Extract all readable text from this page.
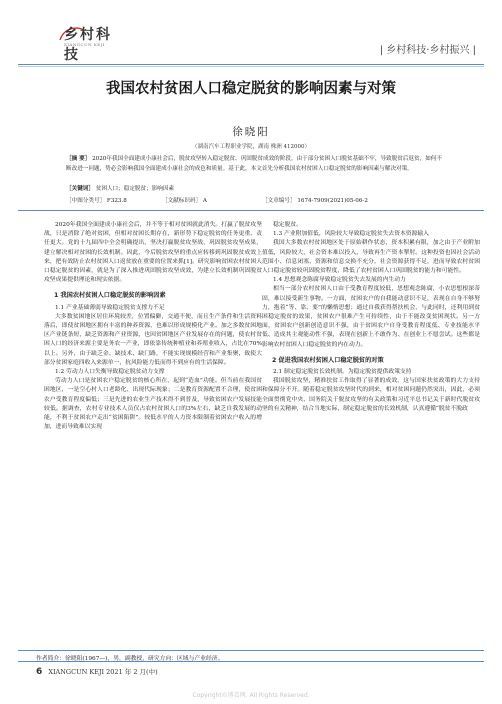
乡村科技
XIANGCUN KEJI
| 乡村科技·乡村振兴 |
我国农村贫困人口稳定脱贫的影响因素与对策
徐晓阳
（湖南汽车工程职业学院，湖南 株洲 412000）
［摘 要］ 2020年我国全面建成小康社会后，脱贫攻坚转入稳定脱贫、巩固脱贫成效的阶段。由于部分贫困人口脱贫基础不牢，导致脱贫后返贫，如何不断改进一问题，势必会影响我国全面建成小康社会的成色和质量。基于此，本文首先分析我国农村贫困人口稳定脱贫的影响因素与解决对策。
［关键词］ 贫困人口；稳定脱贫；影响因素
［中图分类号］ F323.8	［文献标识码］ A	［文章编号］ 1674-7909(2021)05-06-2

2020年我国全面建成小康社会后，并不等于相对贫困就此消失。打赢了脱贫攻坚战，只是消除了绝对贫困，但相对贫困长期存在，新形势下稳定脱贫的任务更重、责任更大。党的十九届四中全会明确提出，坚决打赢脱贫攻坚战，巩固脱贫攻坚成果，建立解决相对贫困的长效机制。因此，今后脱贫攻坚的重点应转移到巩固脱贫成效上来，把有效防止农村贫困人口返贫放在重要的位置来抓[1]。研究影响贫困农村贫困人口稳定脱贫的因素，就是为了深入推进巩固脱贫攻坚成效，为建立长效机制巩固脱贫攻坚成果提供理论和现实依据。

1 我国农村贫困人口稳定脱贫的影响因素

1.1 产业基础薄弱导致稳定脱贫支撑力不足

大多数贫困地区居住环境较差，位置偏僻，交通不便，而且生产条件和生活资料落后，即使贫困地区拥有丰富的种养资源，也难以形成规模化产业。加之多数贫困地区产业链条短，缺乏资源和产业资源，也因贫困地区产业发展存在的问题，使农村贫困人口的经济来源主要是务农一产业，即依靠传统种植业和养殖业收入，占比在70%以上。另外，由于缺乏金、缺技术、缺门路，不能实现规模经营和产业集聚，致使大部分贫困家庭四收入来源单一，抗风险能力低而得不到应有的生活保障。

1.2 劳动力人口失衡导致稳定脱贫动力支撑

劳动力人口是贫困农户稳定脱贫的核心所在，起到“造血”功能。但当前在我国贫困地区，一是空心村人口老龄化、出现代际现象；二是教育资源配置不合理，使贫困农户受教育程度偏低；三是先进的农业生产技术得不到普及，导致贫困农户发展技能较低。据调查，农村专业技术人员仅占农村贫困人口的3%左右，缺乏自我发展的动能，不利于贫困农户走出“贫困陷阱”。较低水平的人力资本限制着贫困农户收入的增加，进而导致难以实现

稳定脱贫。

1.3 产业附加值低，风险较大导致稳定脱贫失去资本资源输入

我国大多数农村贫困地区处于原始耕作状态，资本积累有限，加之由于产业附加值低，风险较大，社会资本难以投入，导致再生产资本掣肘。这种投资也因社会活动范围小、信息闭塞、资源和信息交换不充分，社会资源获得不足，进而导致农村贫困人口稳定脱贫较巩固脱贫程度，降低了农村贫困人口巩固脱贫的能力和可能性。

1.4 思想观念陈腐导致稳定脱贫失去发展的内生动力

相当一部分农村贫困人口由于受教育程度较低，思想观念陈腐，小农思想根深蒂固，难以接受新生事物。一方面，贫困农户的自我能动意识不足，表现在自身不够努力，抱着“等、靠、要”的懒惰思想；通过自我获得帮扶机会，与此同时，还利用到贫困稳定脱贫的效果，贫困农户很难产生可持续性，由于不能改变贫困现状。另一方面，贫困农户创新创造意识不强，由于贫困农户自身受教育程度低、专业技能水平低、造成其主观能动性不强，表现在创新上不敢作为、在创业上不愿尝试。这些都是影响农村贫困人口稳定脱贫的内在动力。

2 促进我国农村贫困人口稳定脱贫的对策

2.1 制定稳定脱贫长效机制，为稳定脱贫提供政策支持

我国脱贫攻坚，精准扶贫工作取得了显著的成效，这与国家扶贫政策的大力支持和保障分不开。随着稳定脱贫攻坚时代的到来，相对贫困问题仍然突出，因此，必须全面贯彻党中央、国务院关于脱贫攻坚的有关政策和习近平总书记关于新时代脱贫攻坚的有关精神，结合当地实际，制定稳定脱贫的长效机制，认真遵循“脱贫不脱政

作者简介：徐晓阳(1967—)，男，副教授，研究方向：区域与产业经济。
6 XIANGCUN KEJI 2021 年 2 月(中)
Copyright©博看网. All Rights Reserved.
